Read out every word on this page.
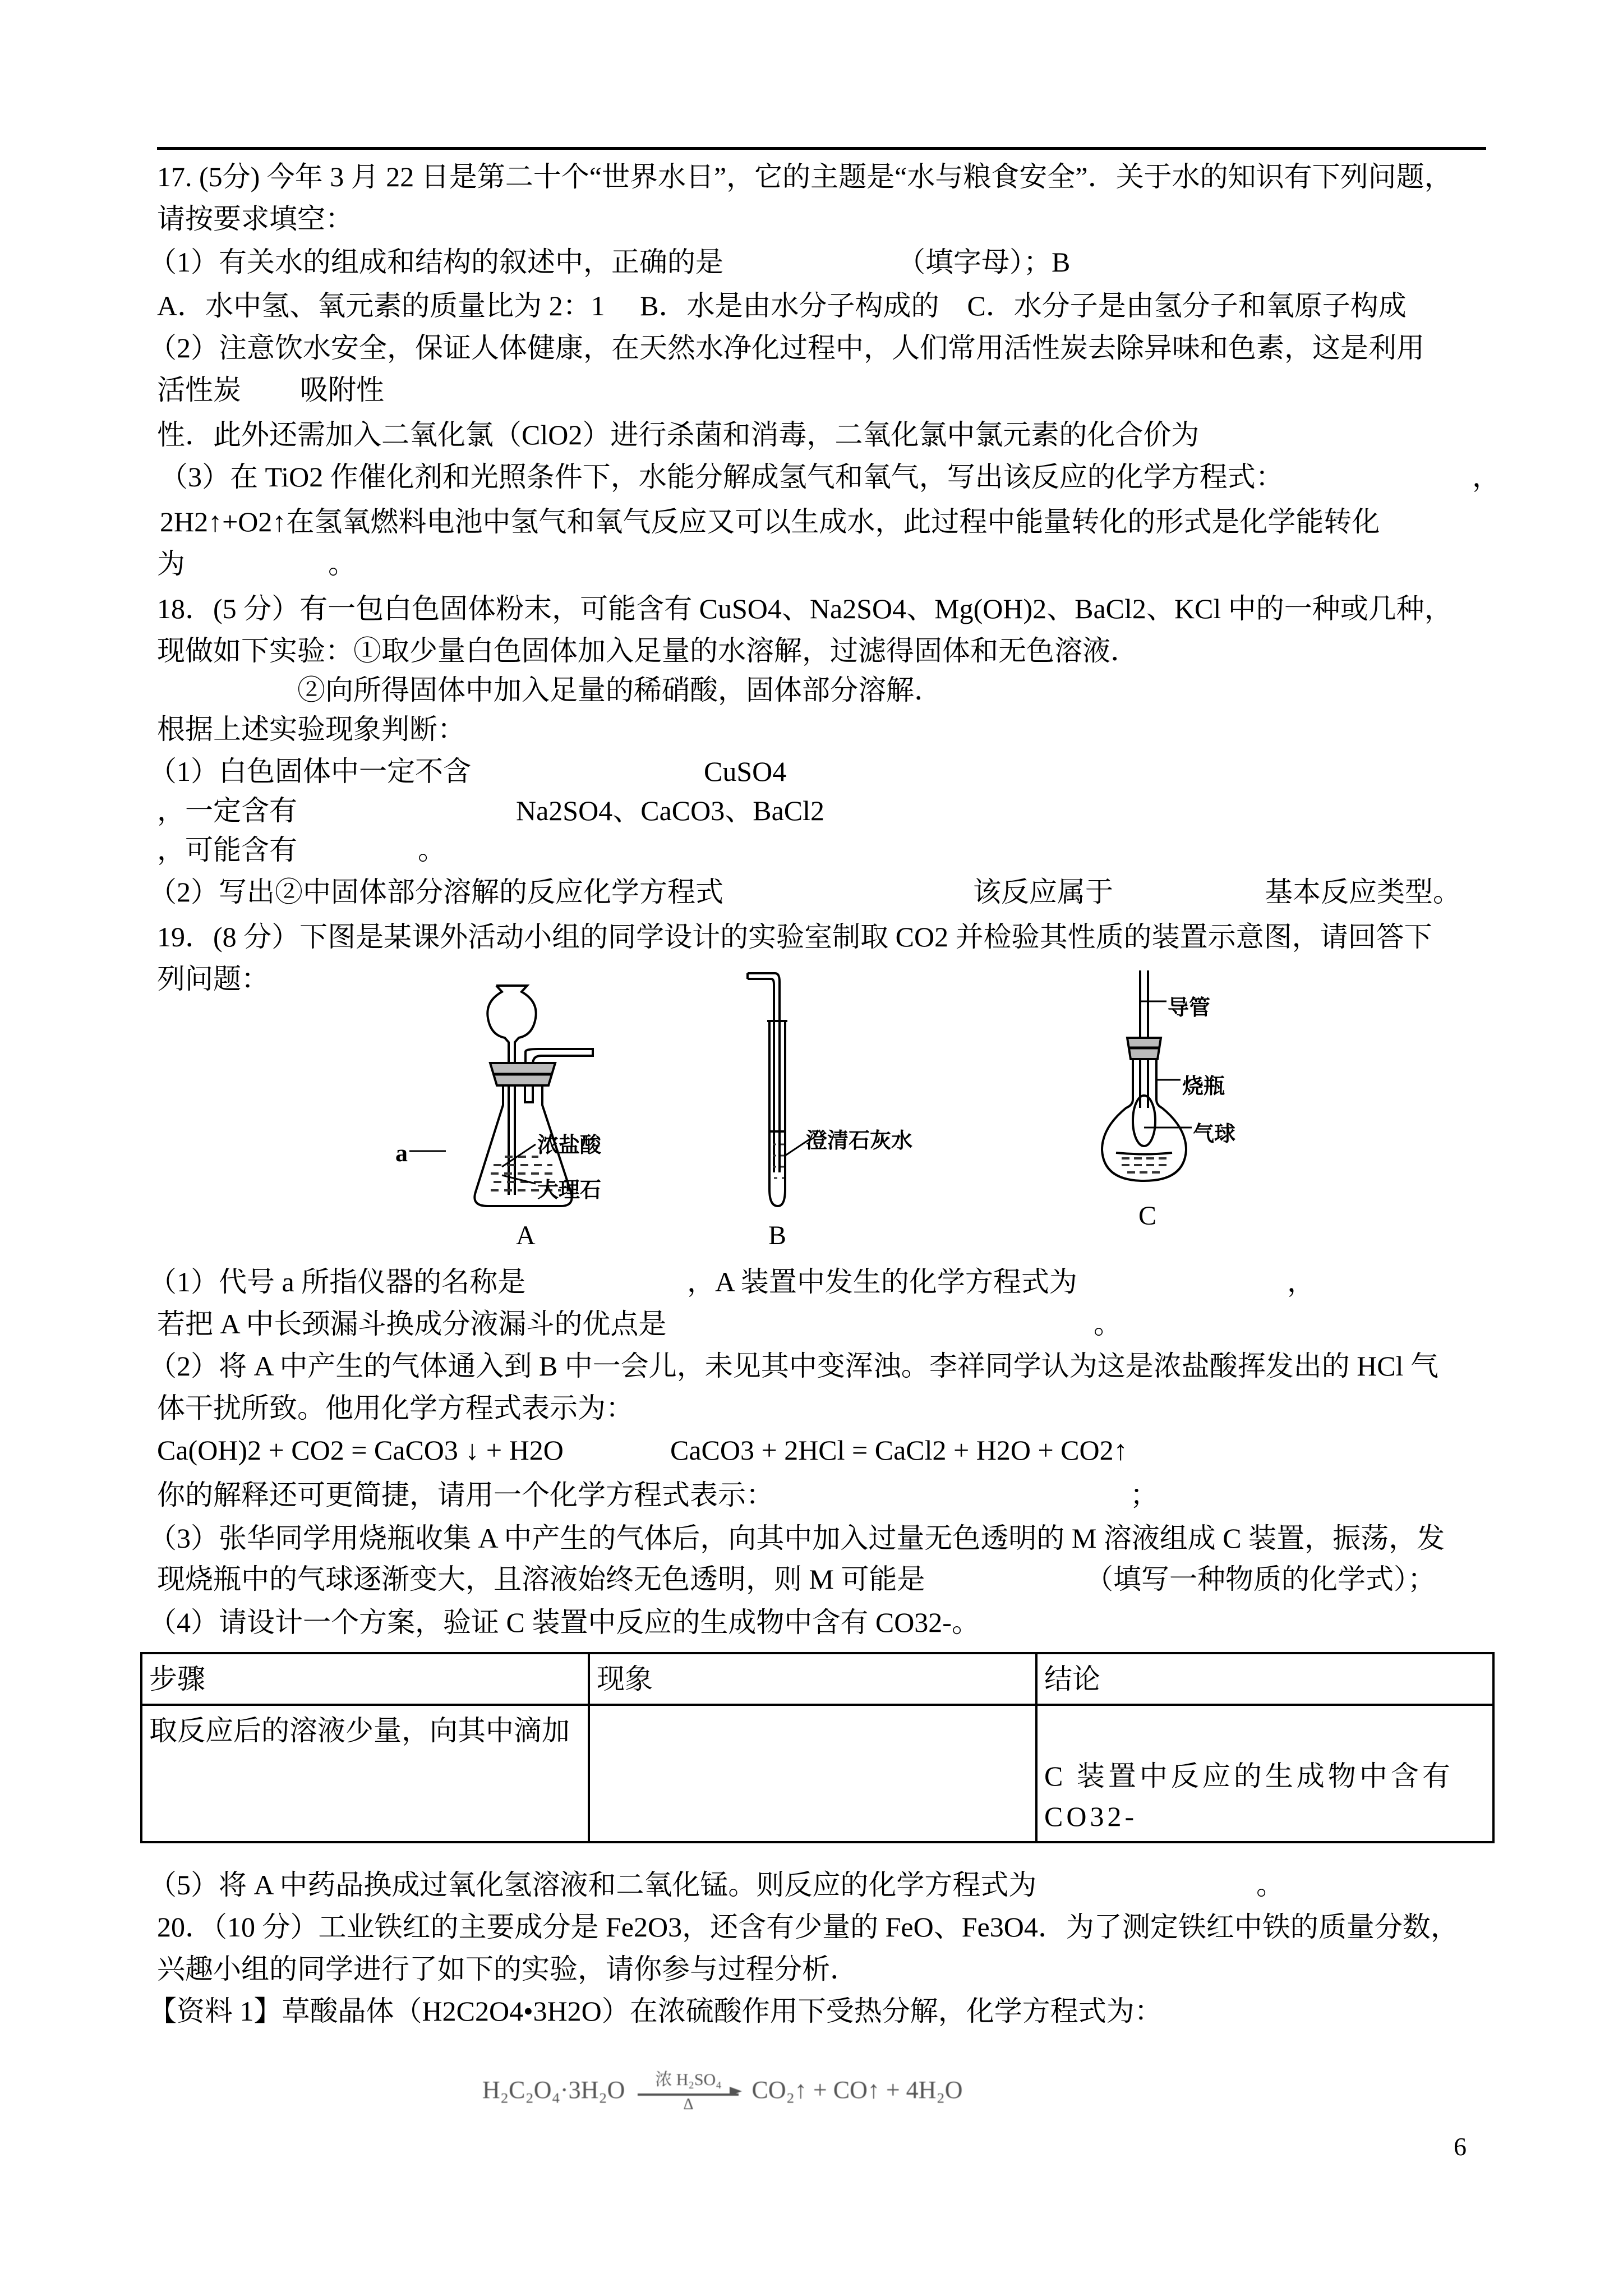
17. (5分) 今年 3 月 22 日是第二十个“世界水日”，它的主题是“水与粮食安全”．关于水的知识有下列问题，
请按要求填空：
（1）有关水的组成和结构的叙述中，正确的是	（填字母）；B
A．水中氢、氧元素的质量比为 2：1　 B．水是由水分子构成的　C．水分子是由氢分子和氧原子构成
（2）注意饮水安全，保证人体健康，在天然水净化过程中，人们常用活性炭去除异味和色素，这是利用
活性炭 吸附性
性．此外还需加入二氧化氯（ClO2）进行杀菌和消毒，二氧化氯中氯元素的化合价为
（3）在 TiO2 作催化剂和光照条件下，水能分解成氢气和氧气，写出该反应的化学方程式：	，
2H2↑+O2↑在氢氧燃料电池中氢气和氧气反应又可以生成水，此过程中能量转化的形式是化学能转化
为	。
18．(5 分）有一包白色固体粉末，可能含有 CuSO4、Na2SO4、Mg(OH)2、BaCl2、KCl 中的一种或几种，
现做如下实验：①取少量白色固体加入足量的水溶解，过滤得固体和无色溶液．
②向所得固体中加入足量的稀硝酸，固体部分溶解．
根据上述实验现象判断：
（1）白色固体中一定不含	CuSO4
，一定含有	Na2SO4、CaCO3、BaCl2
，可能含有	。
（2）写出②中固体部分溶解的反应化学方程式	该反应属于	基本反应类型。
19．(8 分）下图是某课外活动小组的同学设计的实验室制取 CO2 并检验其性质的装置示意图，请回答下
列问题：
a	浓盐酸
大理石
澄清石灰水
导管
烧瓶
气球
A	B
C
（1）代号 a 所指仪器的名称是	，A 装置中发生的化学方程式为	，
若把 A 中长颈漏斗换成分液漏斗的优点是	。
（2）将 A 中产生的气体通入到 B 中一会儿，未见其中变浑浊。李祥同学认为这是浓盐酸挥发出的 HCl 气
体干扰所致。他用化学方程式表示为：
Ca(OH)2 + CO2 = CaCO3 ↓ + H2O	CaCO3 + 2HCl = CaCl2 + H2O + CO2↑
你的解释还可更简捷，请用一个化学方程式表示：	；
（3）张华同学用烧瓶收集 A 中产生的气体后，向其中加入过量无色透明的 M 溶液组成 C 装置，振荡，发
现烧瓶中的气球逐渐变大，且溶液始终无色透明，则 M 可能是	（填写一种物质的化学式）；
（4）请设计一个方案，验证 C 装置中反应的生成物中含有 CO32-。
步骤	现象	结论
取反应后的溶液少量，向其中滴加		C 装置中反应的生成物中含有 CO32-
（5）将 A 中药品换成过氧化氢溶液和二氧化锰。则反应的化学方程式为	。
20．（10 分）工业铁红的主要成分是 Fe2O3，还含有少量的 FeO、Fe3O4．为了测定铁红中铁的质量分数，
兴趣小组的同学进行了如下的实验，请你参与过程分析．
【资料 1】草酸晶体（H2C2O4•3H2O）在浓硫酸作用下受热分解，化学方程式为：
H₂C₂O₄·3H₂O	浓 H₂SO₄
Δ
CO₂↑ + CO↑ + 4H₂O
6
